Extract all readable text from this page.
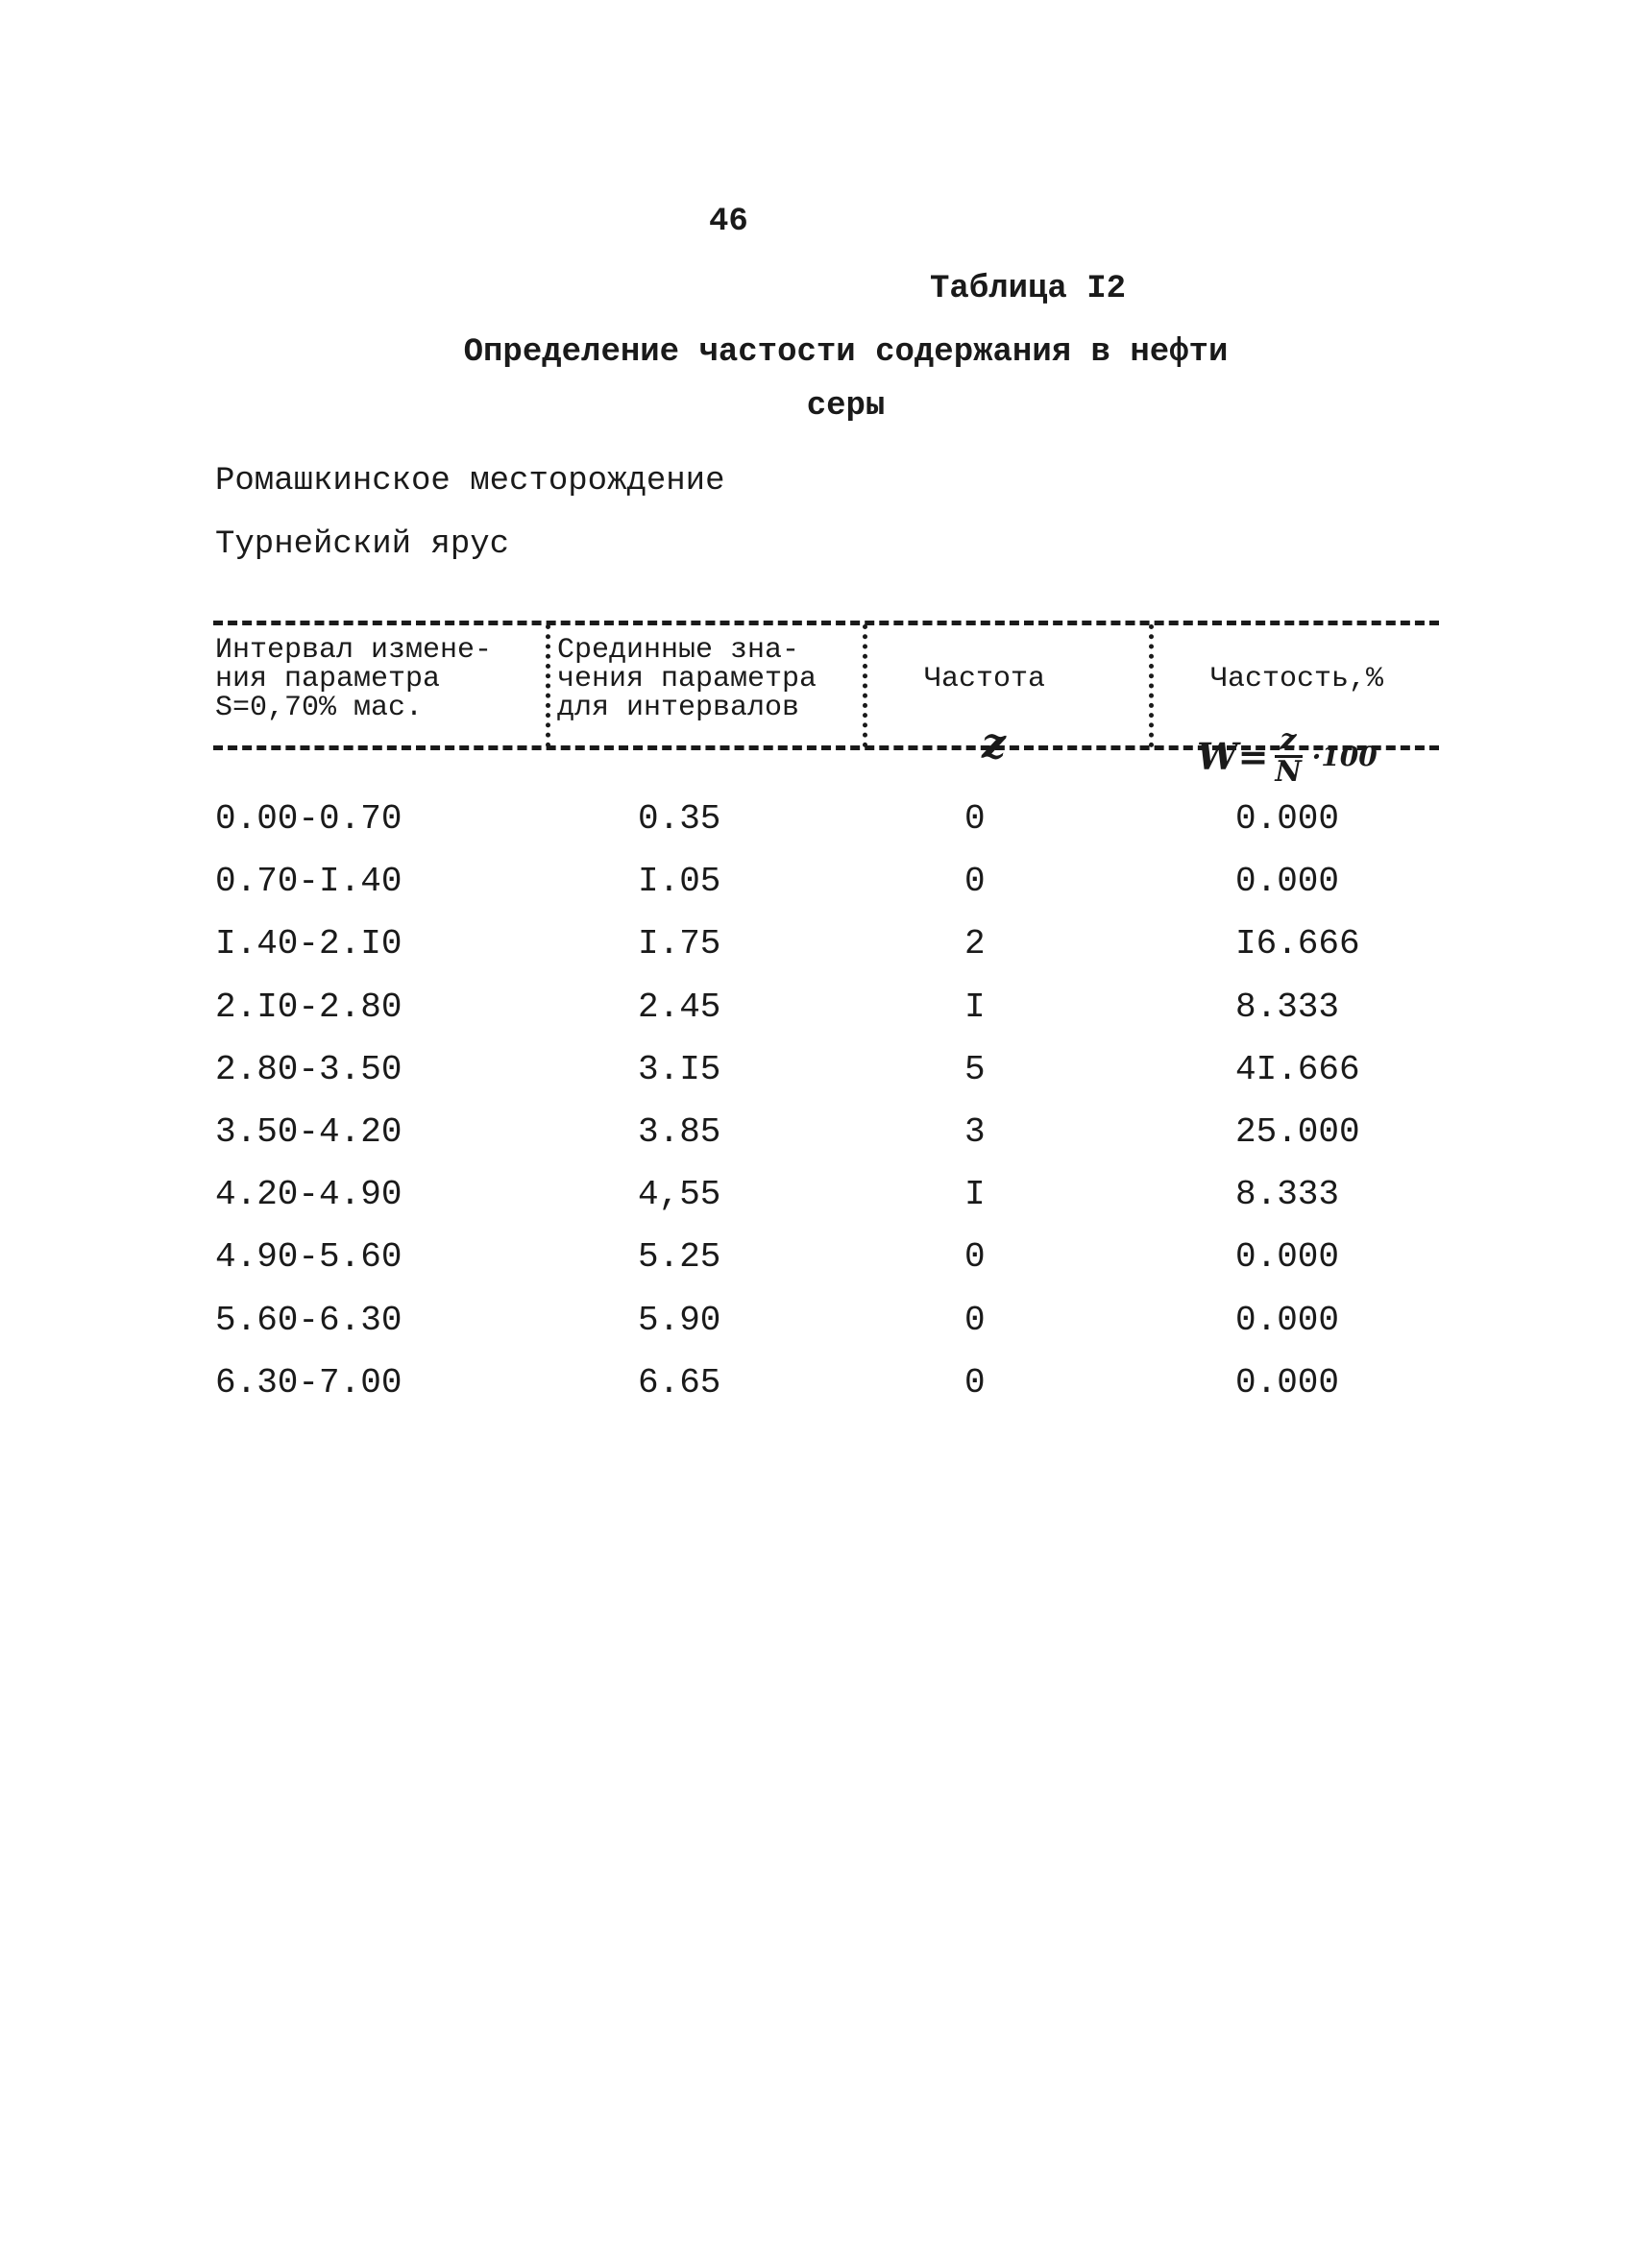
46
Таблица I2
Определение частости содержания в нефти
серы
Ромашкинское месторождение
Турнейский ярус
Интервал измене-
ния параметра
S=0,70% мас.
Срединные зна-
чения параметра
для интервалов

Частота

z

Частость,%

$W= \frac{z}{N} \cdot 100$

0.00-0.70	0.35	0	0.000
0.70-I.40	I.05	0	0.000
I.40-2.I0	I.75	2	I6.666
2.I0-2.80	2.45	I	8.333
2.80-3.50	3.I5	5	4I.666
3.50-4.20	3.85	3	25.000
4.20-4.90	4,55	I	8.333
4.90-5.60	5.25	0	0.000
5.60-6.30	5.90	0	0.000
6.30-7.00	6.65	0	0.000
